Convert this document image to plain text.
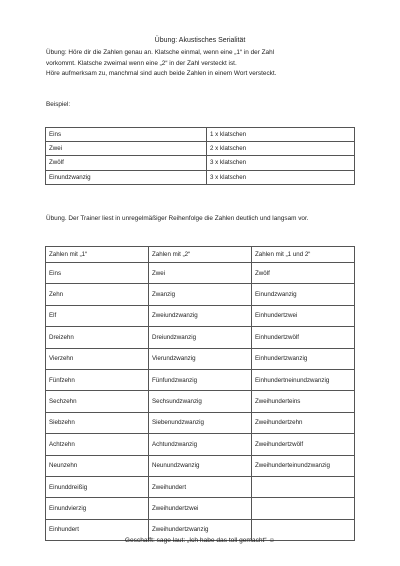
Übung: Akustisches Serialität
Übung: Höre dir die Zahlen genau an. Klatsche einmal, wenn eine „1“ in der Zahl
vorkommt. Klatsche zweimal wenn eine „2“ in der Zahl versteckt ist.
Höre aufmerksam zu, manchmal sind auch beide Zahlen in einem Wort versteckt.
Beispiel:
Eins	1 x klatschen
Zwei	2 x klatschen
Zwölf	3 x klatschen
Einundzwanzig	3 x klatschen
Übung. Der Trainer liest in unregelmäßiger Reihenfolge die Zahlen deutlich und langsam vor.
Zahlen mit „1“	Zahlen mit „2“	Zahlen mit „1 und 2“
Eins	Zwei	Zwölf
Zehn	Zwanzig	Einundzwanzig
Elf	Zweiundzwanzig	Einhundertzwei
Dreizehn	Dreiundzwanzig	Einhundertzwölf
Vierzehn	Vierundzwanzig	Einhundertzwanzig
Fünfzehn	Fünfundzwanzig	Einhundertneinundzwanzig
Sechzehn	Sechsundzwanzig	Zweihunderteins
Siebzehn	Siebenundzwanzig	Zweihundertzehn
Achtzehn	Achtundzwanzig	Zweihundertzwölf
Neunzehn	Neunundzwanzig	Zweihunderteinundzwanzig
Einunddreißig	Zweihundert	
Einundvierzig	Zweihundertzwei	
Einhundert	Zweihundertzwanzig	
Geschafft: sage laut: „Ich habe das toll gemacht“ ☺
